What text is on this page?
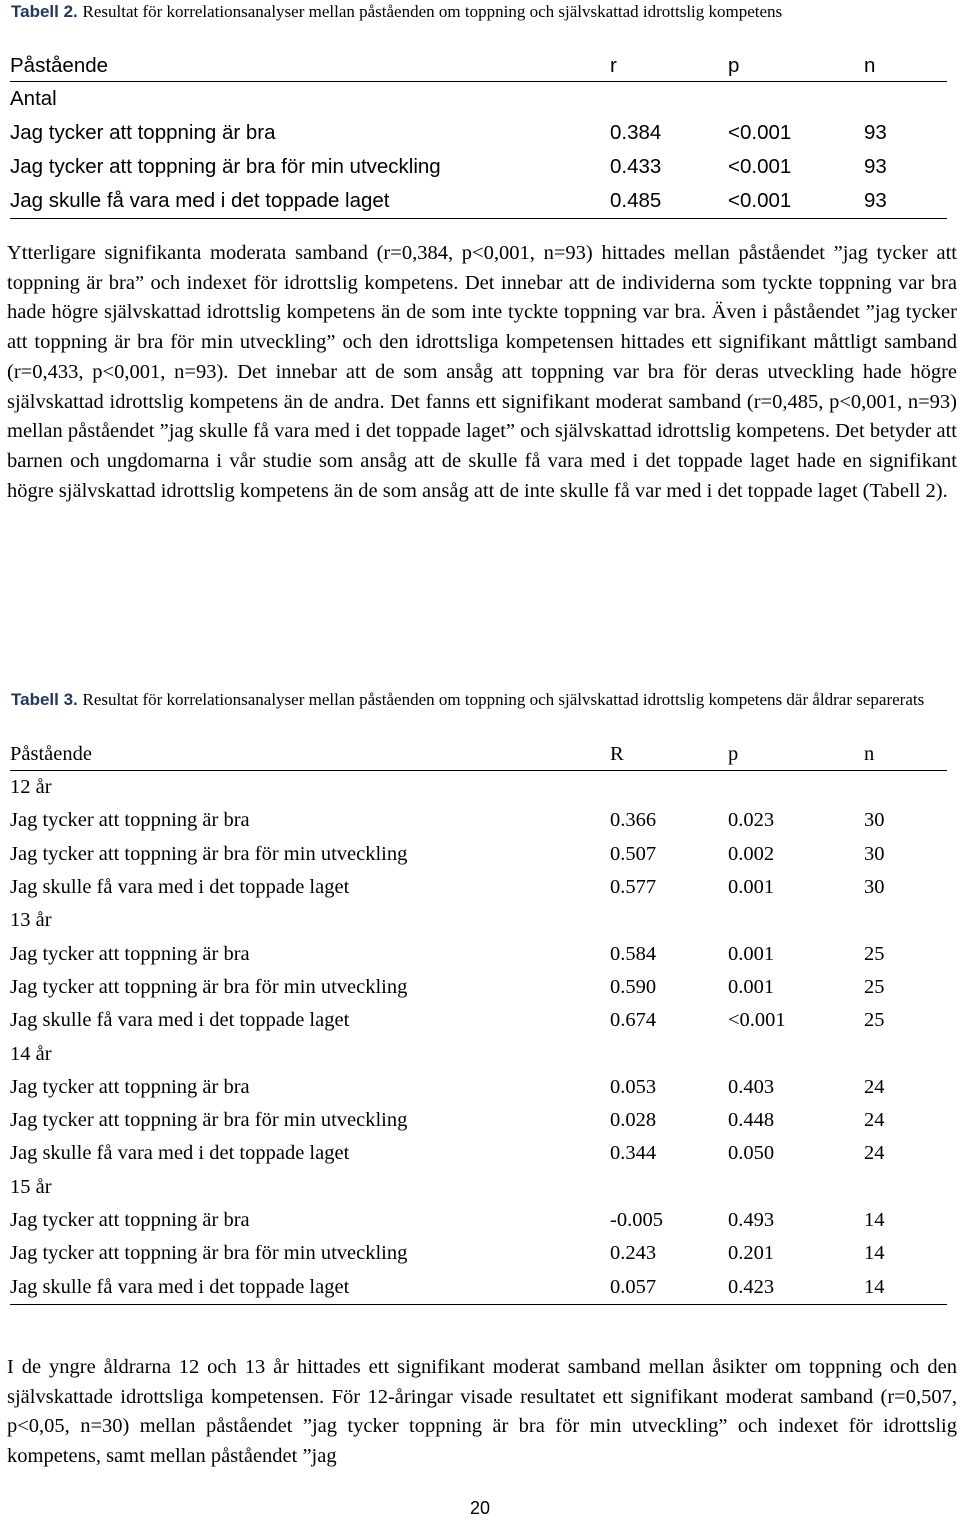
Tabell 2. Resultat för korrelationsanalyser mellan påståenden om toppning och självskattad idrottslig kompetens
Påstående	r	p	n
Antal			
Jag tycker att toppning är bra	0.384	<0.001	93
Jag tycker att toppning är bra för min utveckling	0.433	<0.001	93
Jag skulle få vara med i det toppade laget	0.485	<0.001	93
Ytterligare signifikanta moderata samband (r=0,384, p<0,001, n=93) hittades mellan påståendet ”jag tycker att toppning är bra” och indexet för idrottslig kompetens. Det innebar att de individerna som tyckte toppning var bra hade högre självskattad idrottslig kompetens än de som inte tyckte toppning var bra. Även i påståendet ”jag tycker att toppning är bra för min utveckling” och den idrottsliga kompetensen hittades ett signifikant måttligt samband (r=0,433, p<0,001, n=93). Det innebar att de som ansåg att toppning var bra för deras utveckling hade högre självskattad idrottslig kompetens än de andra. Det fanns ett signifikant moderat samband (r=0,485, p<0,001, n=93) mellan påståendet ”jag skulle få vara med i det toppade laget” och självskattad idrottslig kompetens. Det betyder att barnen och ungdomarna i vår studie som ansåg att de skulle få vara med i det toppade laget hade en signifikant högre självskattad idrottslig kompetens än de som ansåg att de inte skulle få var med i det toppade laget (Tabell 2).
Tabell 3. Resultat för korrelationsanalyser mellan påståenden om toppning och självskattad idrottslig kompetens där åldrar separerats
Påstående	R	p	n
12 år			
Jag tycker att toppning är bra	0.366	0.023	30
Jag tycker att toppning är bra för min utveckling	0.507	0.002	30
Jag skulle få vara med i det toppade laget	0.577	0.001	30
13 år			
Jag tycker att toppning är bra	0.584	0.001	25
Jag tycker att toppning är bra för min utveckling	0.590	0.001	25
Jag skulle få vara med i det toppade laget	0.674	<0.001	25
14 år			
Jag tycker att toppning är bra	0.053	0.403	24
Jag tycker att toppning är bra för min utveckling	0.028	0.448	24
Jag skulle få vara med i det toppade laget	0.344	0.050	24
15 år			
Jag tycker att toppning är bra	-0.005	0.493	14
Jag tycker att toppning är bra för min utveckling	0.243	0.201	14
Jag skulle få vara med i det toppade laget	0.057	0.423	14
I de yngre åldrarna 12 och 13 år hittades ett signifikant moderat samband mellan åsikter om toppning och den självskattade idrottsliga kompetensen. För 12-åringar visade resultatet ett signifikant moderat samband (r=0,507, p<0,05, n=30) mellan påståendet ”jag tycker toppning är bra för min utveckling” och indexet för idrottslig kompetens, samt mellan påståendet ”jag
20
